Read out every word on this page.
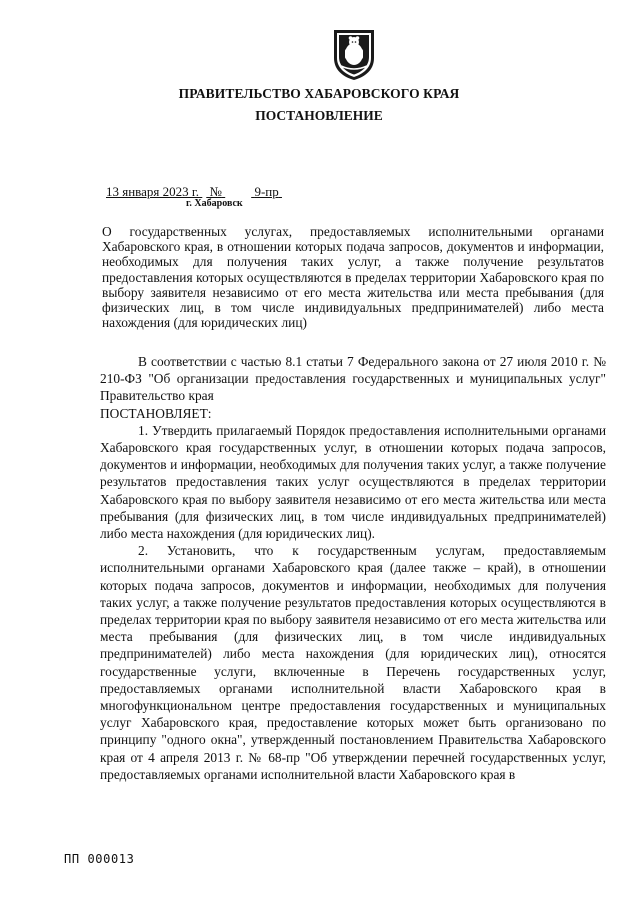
ПРАВИТЕЛЬСТВО ХАБАРОВСКОГО КРАЯ
ПОСТАНОВЛЕНИЕ
13 января 2023 г. №	9-пр
г. Хабаровск
О государственных услугах, предоставляемых исполнительными органами Хабаровского края, в отношении которых подача запросов, документов и информации, необходимых для получения таких услуг, а также получение результатов предоставления которых осуществляются в пределах территории Хабаровского края по выбору заявителя независимо от его места жительства или места пребывания (для физических лиц, в том числе индивидуальных предпринимателей) либо места нахождения (для юридических лиц)

В соответствии с частью 8.1 статьи 7 Федерального закона от 27 июля 2010 г. № 210-ФЗ "Об организации предоставления государственных и муниципальных услуг" Правительство края

ПОСТАНОВЛЯЕТ:

1. Утвердить прилагаемый Порядок предоставления исполнительными органами Хабаровского края государственных услуг, в отношении которых подача запросов, документов и информации, необходимых для получения таких услуг, а также получение результатов предоставления таких услуг осуществляются в пределах территории Хабаровского края по выбору заявителя независимо от его места жительства или места пребывания (для физических лиц, в том числе индивидуальных предпринимателей) либо места нахождения (для юридических лиц).

2. Установить, что к государственным услугам, предоставляемым исполнительными органами Хабаровского края (далее также – край), в отношении которых подача запросов, документов и информации, необходимых для получения таких услуг, а также получение результатов предоставления которых осуществляются в пределах территории края по выбору заявителя независимо от его места жительства или места пребывания (для физических лиц, в том числе индивидуальных предпринимателей) либо места нахождения (для юридических лиц), относятся государственные услуги, включенные в Перечень государственных услуг, предоставляемых органами исполнительной власти Хабаровского края в многофункциональном центре предоставления государственных и муниципальных услуг Хабаровского края, предоставление которых может быть организовано по принципу "одного окна", утвержденный постановлением Правительства Хабаровского края от 4 апреля 2013 г. № 68-пр "Об утверждении перечней государственных услуг, предоставляемых органами исполнительной власти Хабаровского края в

ПП 000013
